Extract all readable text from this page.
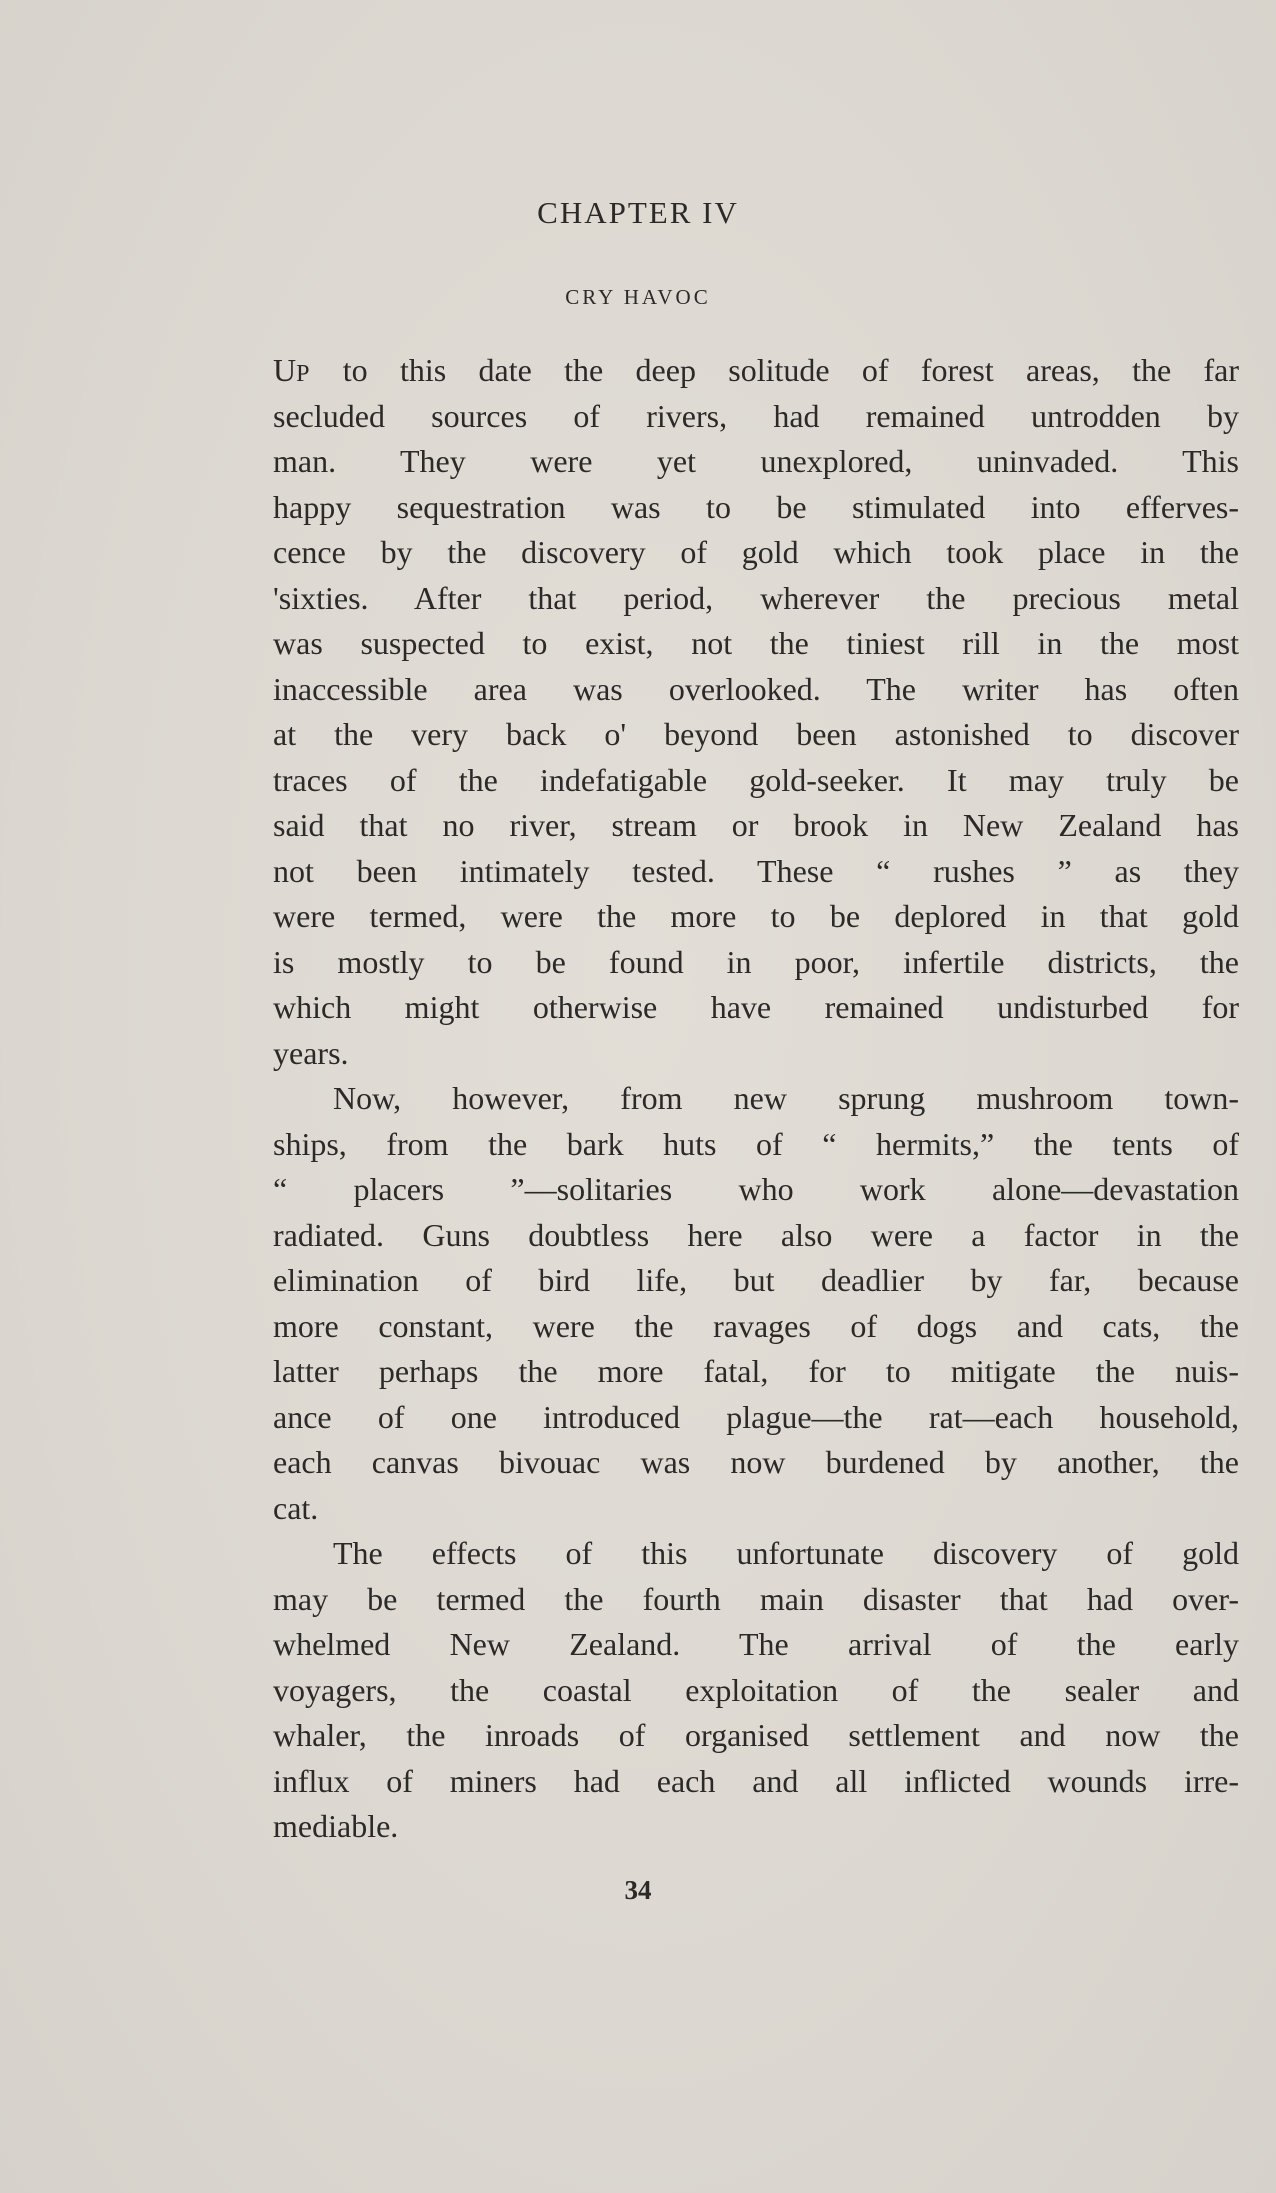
CHAPTER IV
CRY HAVOC
UP to this date the deep solitude of forest areas, the far
secluded sources of rivers, had remained untrodden by
man. They were yet unexplored, uninvaded. This
happy sequestration was to be stimulated into efferves-
cence by the discovery of gold which took place in the
'sixties. After that period, wherever the precious metal
was suspected to exist, not the tiniest rill in the most
inaccessible area was overlooked. The writer has often
at the very back o' beyond been astonished to discover
traces of the indefatigable gold-seeker. It may truly be
said that no river, stream or brook in New Zealand has
not been intimately tested. These “ rushes ” as they
were termed, were the more to be deplored in that gold
is mostly to be found in poor, infertile districts, the
which might otherwise have remained undisturbed for
years.
Now, however, from new sprung mushroom town-
ships, from the bark huts of “ hermits,” the tents of
“ placers ”—solitaries who work alone—devastation
radiated. Guns doubtless here also were a factor in the
elimination of bird life, but deadlier by far, because
more constant, were the ravages of dogs and cats, the
latter perhaps the more fatal, for to mitigate the nuis-
ance of one introduced plague—the rat—each household,
each canvas bivouac was now burdened by another, the
cat.
The effects of this unfortunate discovery of gold
may be termed the fourth main disaster that had over-
whelmed New Zealand. The arrival of the early
voyagers, the coastal exploitation of the sealer and
whaler, the inroads of organised settlement and now the
influx of miners had each and all inflicted wounds irre-
mediable.
34
